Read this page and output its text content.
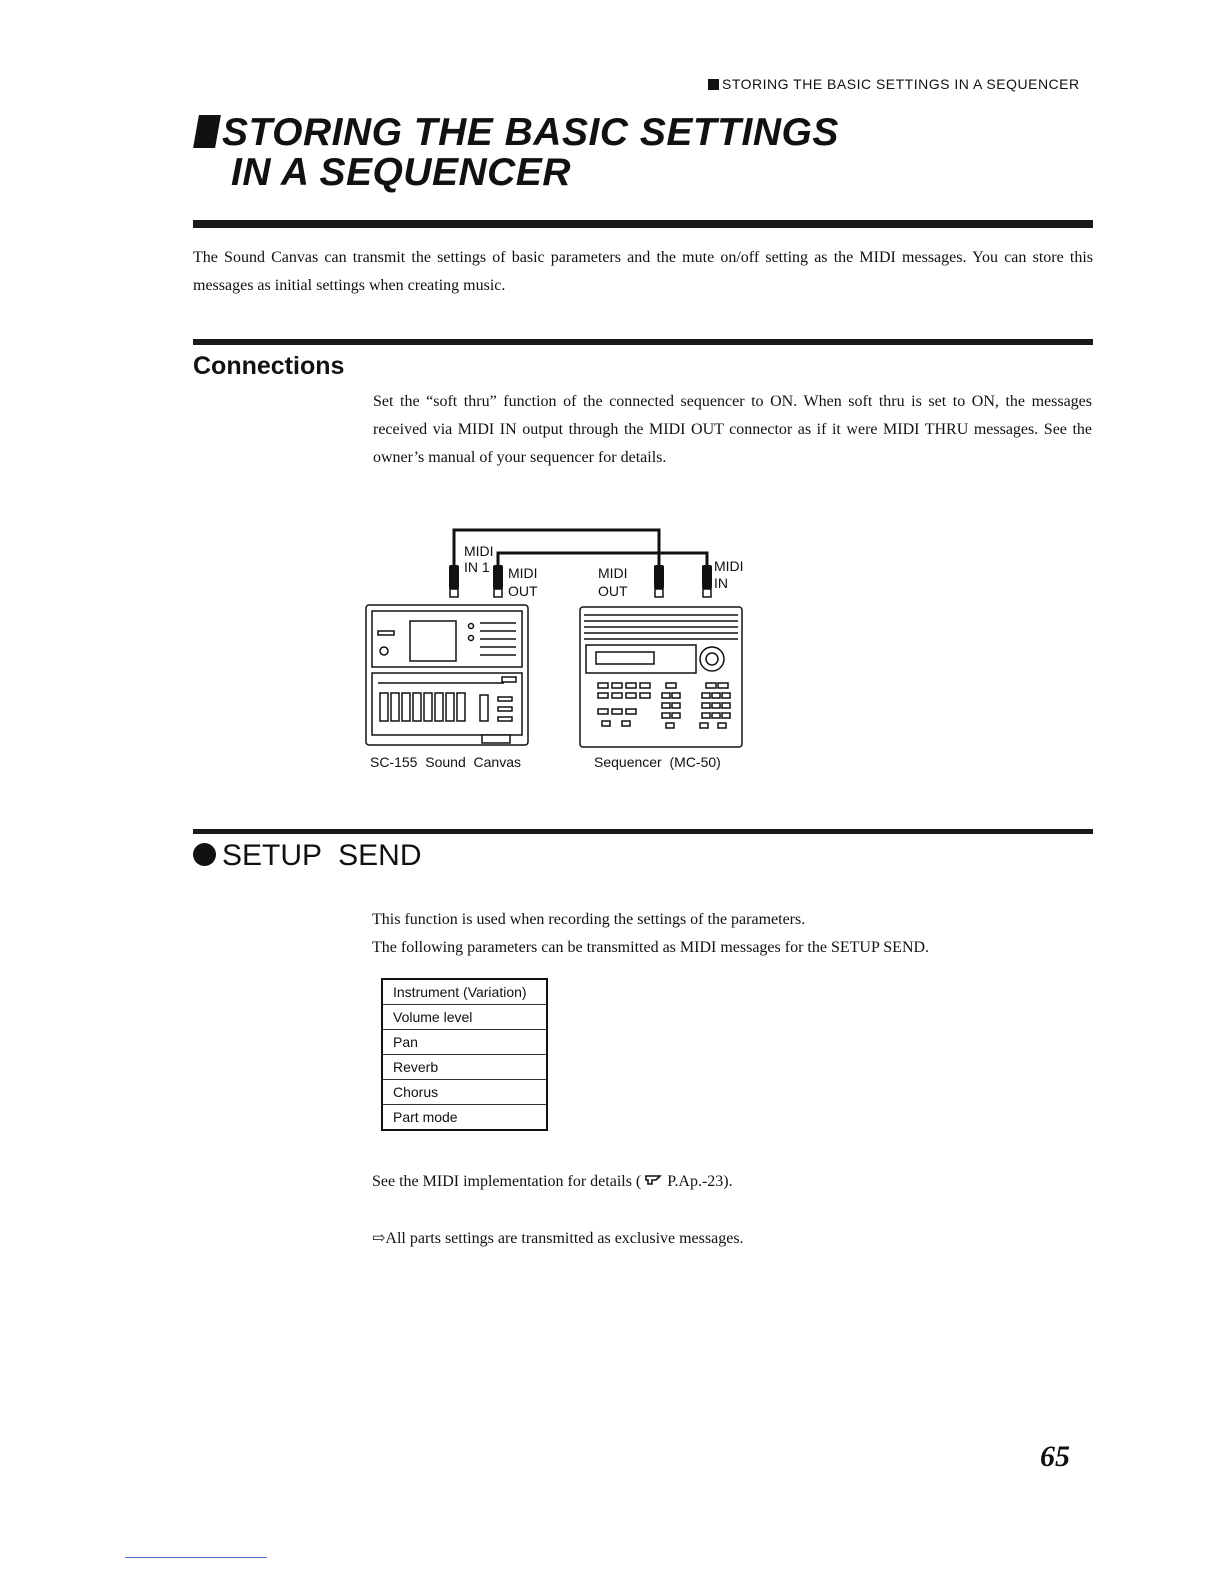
STORING THE BASIC SETTINGS IN A SEQUENCER
STORING THE BASIC SETTINGS
IN A SEQUENCER
The Sound Canvas can transmit the settings of basic parameters and the mute on/off setting as the MIDI messages. You can store this messages as initial settings when creating music.
Connections
Set the “soft thru” function of the connected sequencer to ON. When soft thru is set to ON, the messages received via MIDI IN output through the MIDI OUT connector as if it were MIDI THRU messages. See the owner’s manual of your sequencer for details.
MIDI
IN 1 MIDI
OUT
MIDI
OUT
MIDI
IN
SC-155  Sound  Canvas	Sequencer  (MC-50)
SETUP  SEND
This function is used when recording the settings of the parameters.
The following parameters can be transmitted as MIDI messages for the SETUP SEND.
Instrument (Variation)
Volume level
Pan
Reverb
Chorus
Part mode
See the MIDI implementation for details ( P.Ap.-23).
⇨All parts settings are transmitted as exclusive messages.
65
